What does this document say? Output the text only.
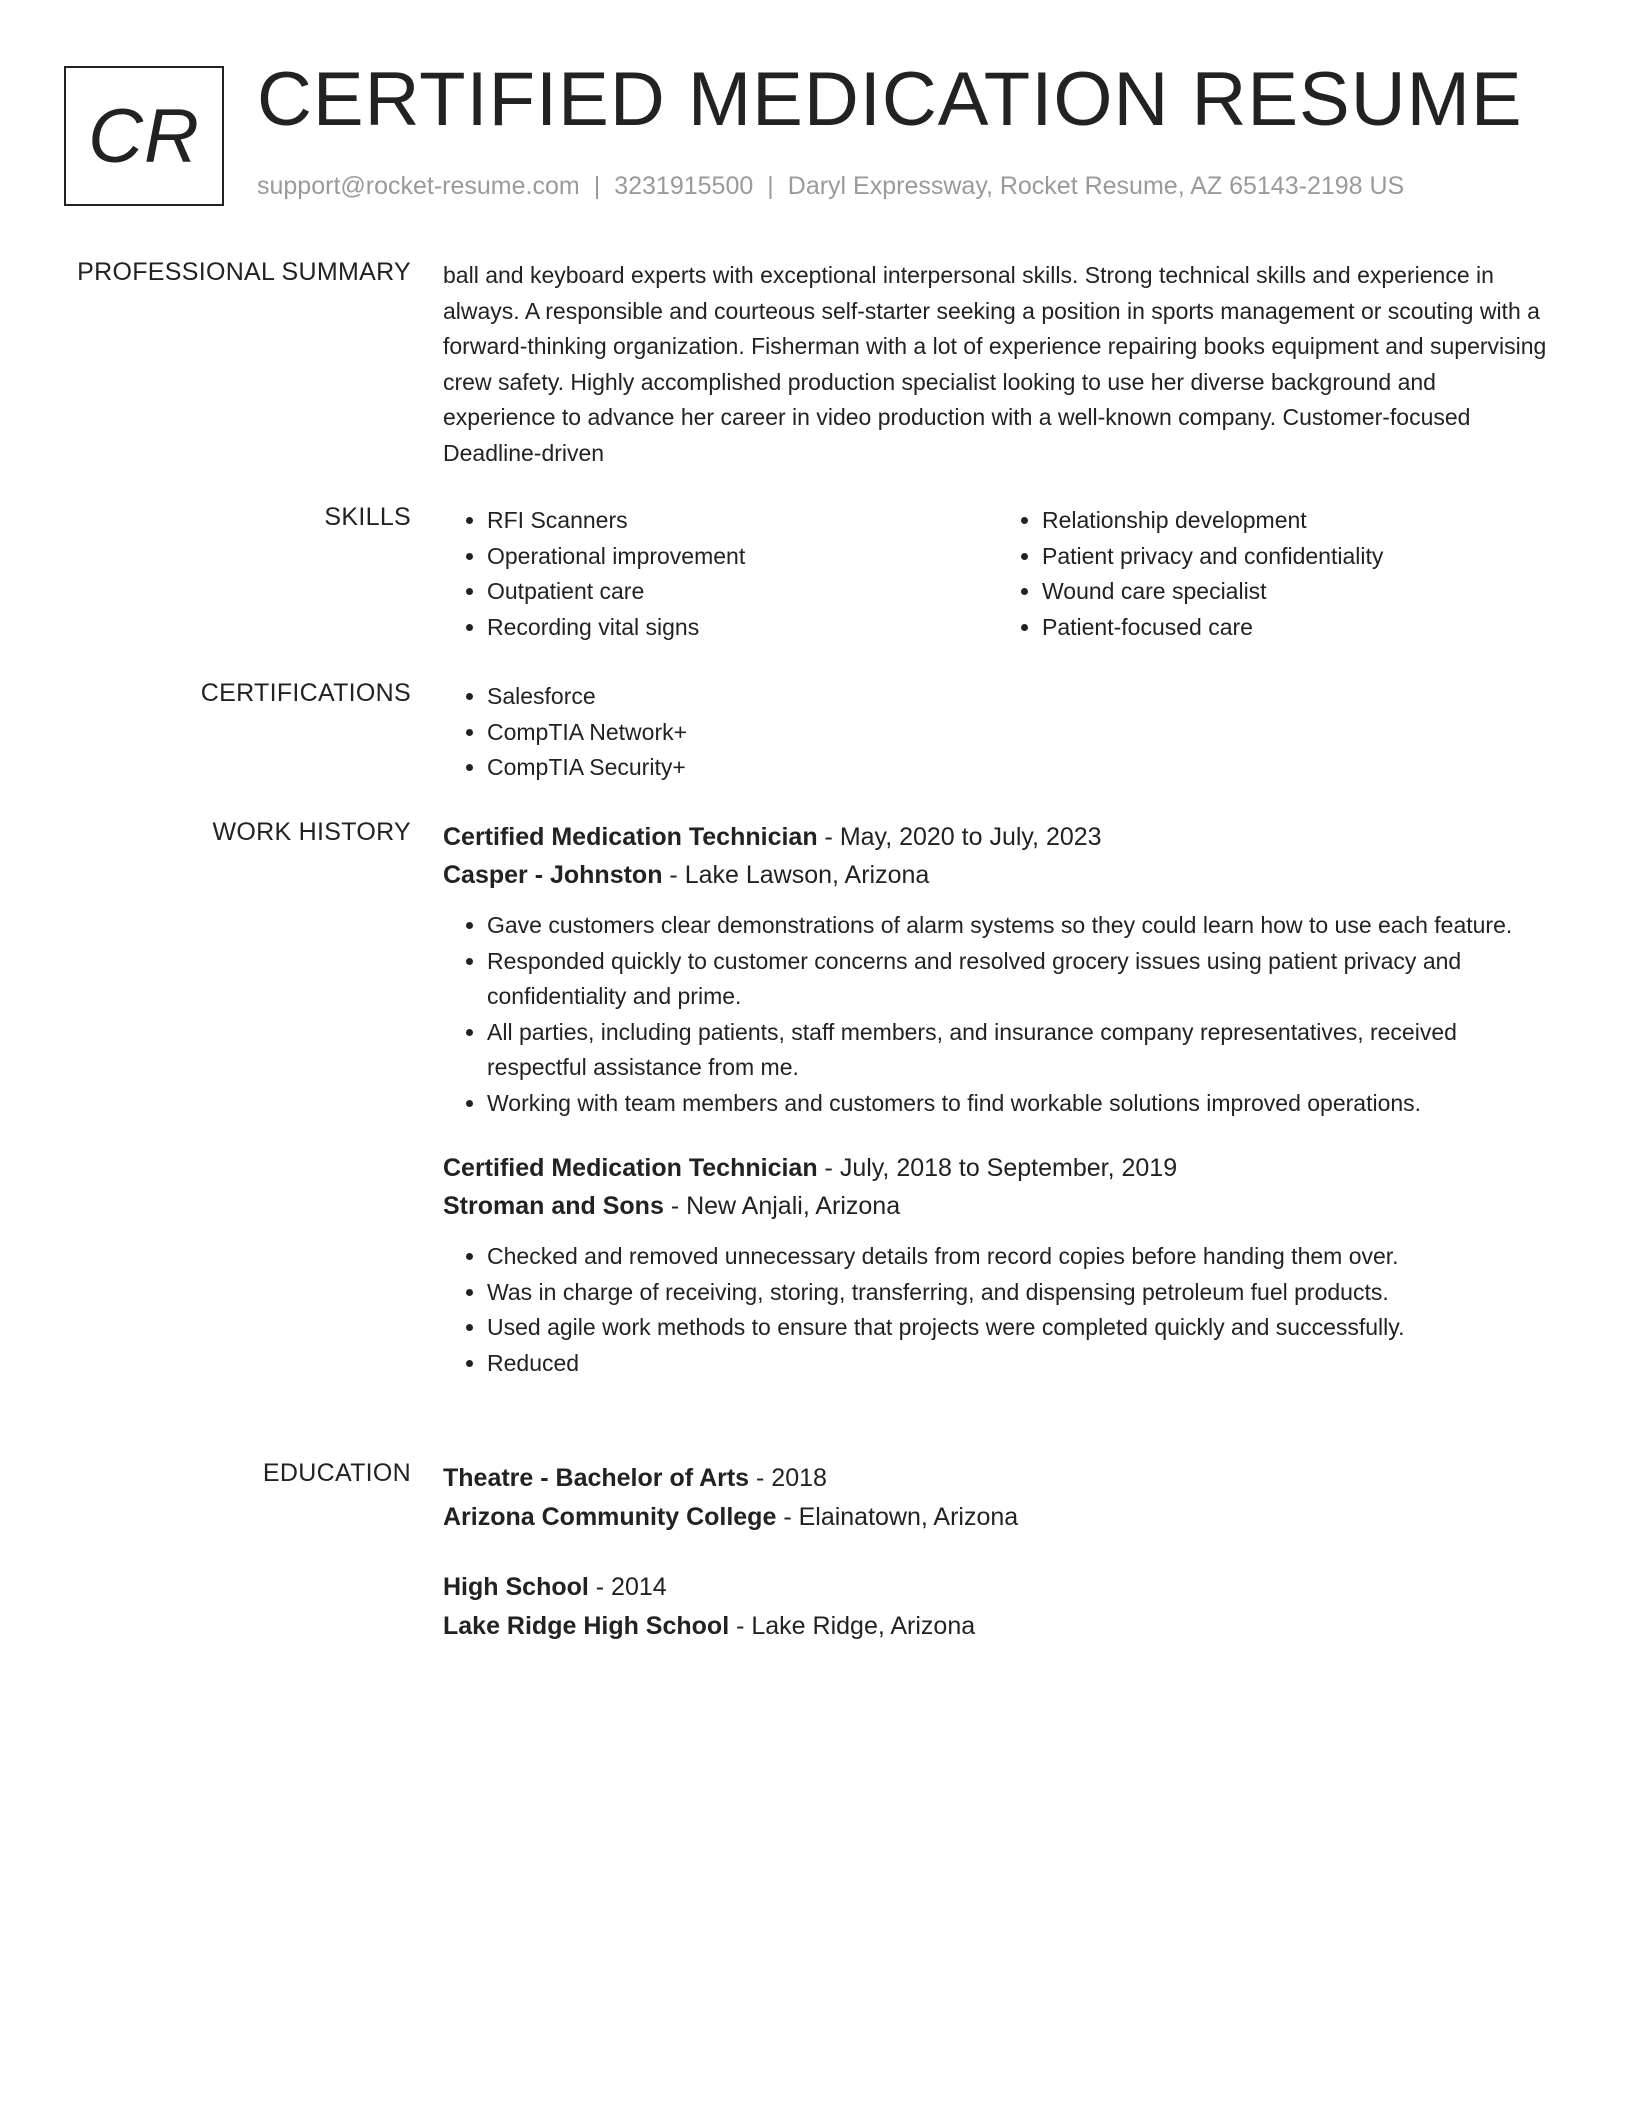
CR CERTIFIED MEDICATION RESUME
support@rocket-resume.com | 3231915500 | Daryl Expressway, Rocket Resume, AZ 65143-2198 US
PROFESSIONAL SUMMARY ball and keyboard experts with exceptional interpersonal skills. Strong technical skills and experience in always. A responsible and courteous self-starter seeking a position in sports management or scouting with a forward-thinking organization. Fisherman with a lot of experience repairing books equipment and supervising crew safety. Highly accomplished production specialist looking to use her diverse background and experience to advance her career in video production with a well-known company. Customer-focused Deadline-driven

SKILLS	• RFI Scanners
• Operational improvement
• Outpatient care
• Recording vital signs
• Relationship development
• Patient privacy and confidentiality
• Wound care specialist
• Patient-focused care
CERTIFICATIONS	• Salesforce
• CompTIA Network+
• CompTIA Security+
WORK HISTORY Certified Medication Technician - May, 2020 to July, 2023
Casper - Johnston - Lake Lawson, Arizona
• Gave customers clear demonstrations of alarm systems so they could learn how to use each feature.
• Responded quickly to customer concerns and resolved grocery issues using patient privacy and confidentiality and prime.
• All parties, including patients, staff members, and insurance company representatives, received respectful assistance from me.
• Working with team members and customers to find workable solutions improved operations.
Certified Medication Technician - July, 2018 to September, 2019
Stroman and Sons - New Anjali, Arizona
• Checked and removed unnecessary details from record copies before handing them over.
• Was in charge of receiving, storing, transferring, and dispensing petroleum fuel products.
• Used agile work methods to ensure that projects were completed quickly and successfully.
• Reduced
EDUCATION Theatre - Bachelor of Arts - 2018
Arizona Community College - Elainatown, Arizona
High School - 2014
Lake Ridge High School - Lake Ridge, Arizona
